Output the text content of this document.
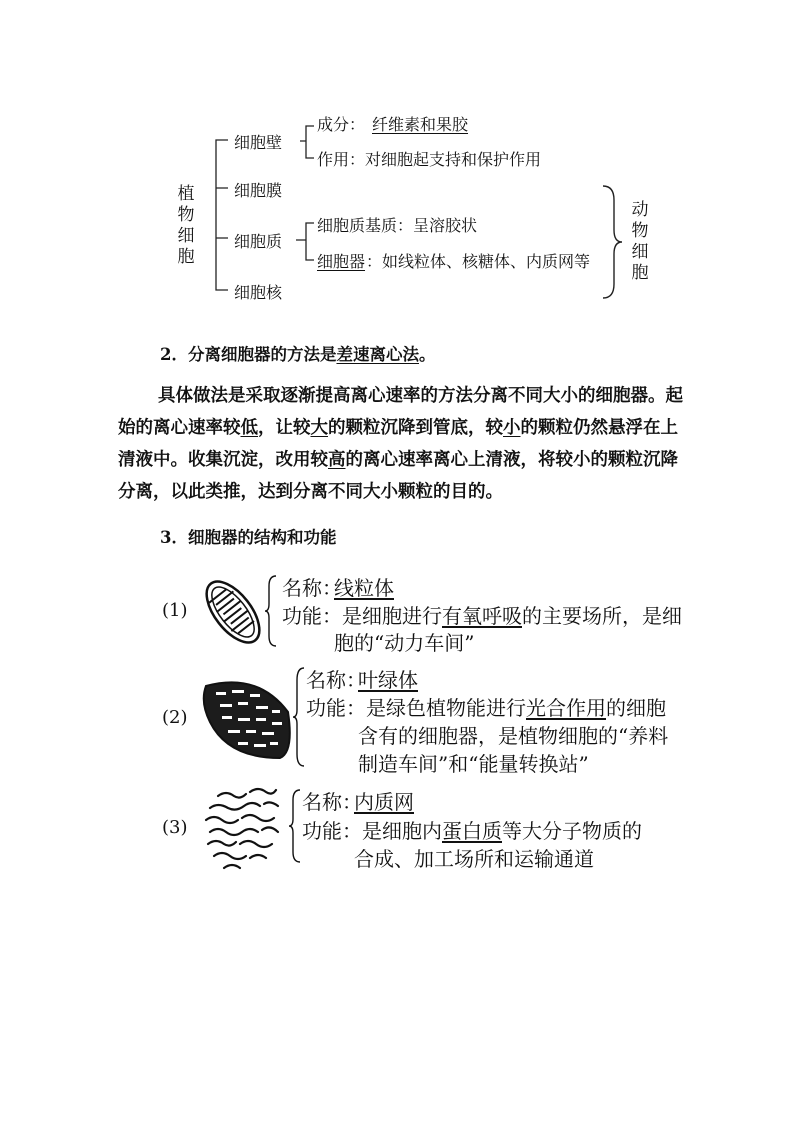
植物细胞
细胞壁
成分： 纤维素和果胶
作用：对细胞起支持和保护作用
细胞膜
细胞质
细胞质基质：呈溶胶状
细胞器 ：如线粒体、核糖体、内质网等
细胞核
动物细胞
2．分离细胞器的方法是差速离心法。
具体做法是采取逐渐提高离心速率的方法分离不同大小的细胞器。起始的离心速率较低，让较大的颗粒沉降到管底，较小的颗粒仍然悬浮在上清液中。收集沉淀，改用较高的离心速率离心上清液，将较小的颗粒沉降分离，以此类推，达到分离不同大小颗粒的目的。
3．细胞器的结构和功能
(1)
名称：
线粒体
功能：是细胞进行有氧呼吸的主要场所，是细
胞的“动力车间”
(2)
名称：
叶绿体
功能：是绿色植物能进行光合作用的细胞
含有的细胞器，是植物细胞的“养料
制造车间”和“能量转换站”
(3)
名称：
内质网
功能：是细胞内蛋白质等大分子物质的
合成、加工场所和运输通道
